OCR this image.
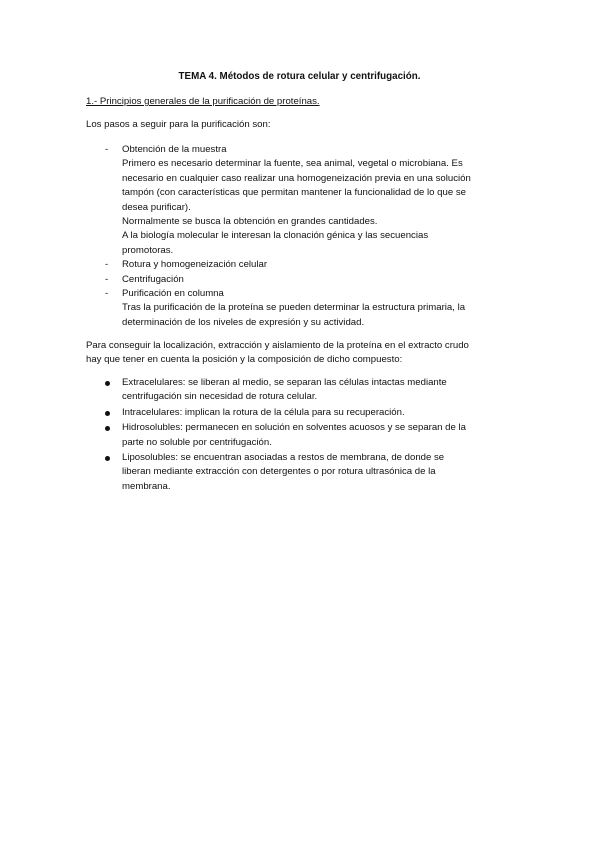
TEMA 4. Métodos de rotura celular y centrifugación.
1.- Principios generales de la purificación de proteínas.
Los pasos a seguir para la purificación son:
- Obtención de la muestra
Primero es necesario determinar la fuente, sea animal, vegetal o microbiana. Es
necesario en cualquier caso realizar una homogeneización previa en una solución
tampón (con características que permitan mantener la funcionalidad de lo que se
desea purificar).
Normalmente se busca la obtención en grandes cantidades.
A la biología molecular le interesan la clonación génica y las secuencias
promotoras.
- Rotura y homogeneización celular
- Centrifugación
- Purificación en columna
Tras la purificación de la proteína se pueden determinar la estructura primaria, la
determinación de los niveles de expresión y su actividad.
Para conseguir la localización, extracción y aislamiento de la proteína en el extracto crudo
hay que tener en cuenta la posición y la composición de dicho compuesto:
Extracelulares: se liberan al medio, se separan las células intactas mediante
centrifugación sin necesidad de rotura celular.
Intracelulares: implican la rotura de la célula para su recuperación.
Hidrosolubles: permanecen en solución en solventes acuosos y se separan de la
parte no soluble por centrifugación.
Liposolubles: se encuentran asociadas a restos de membrana, de donde se
liberan mediante extracción con detergentes o por rotura ultrasónica de la
membrana.
